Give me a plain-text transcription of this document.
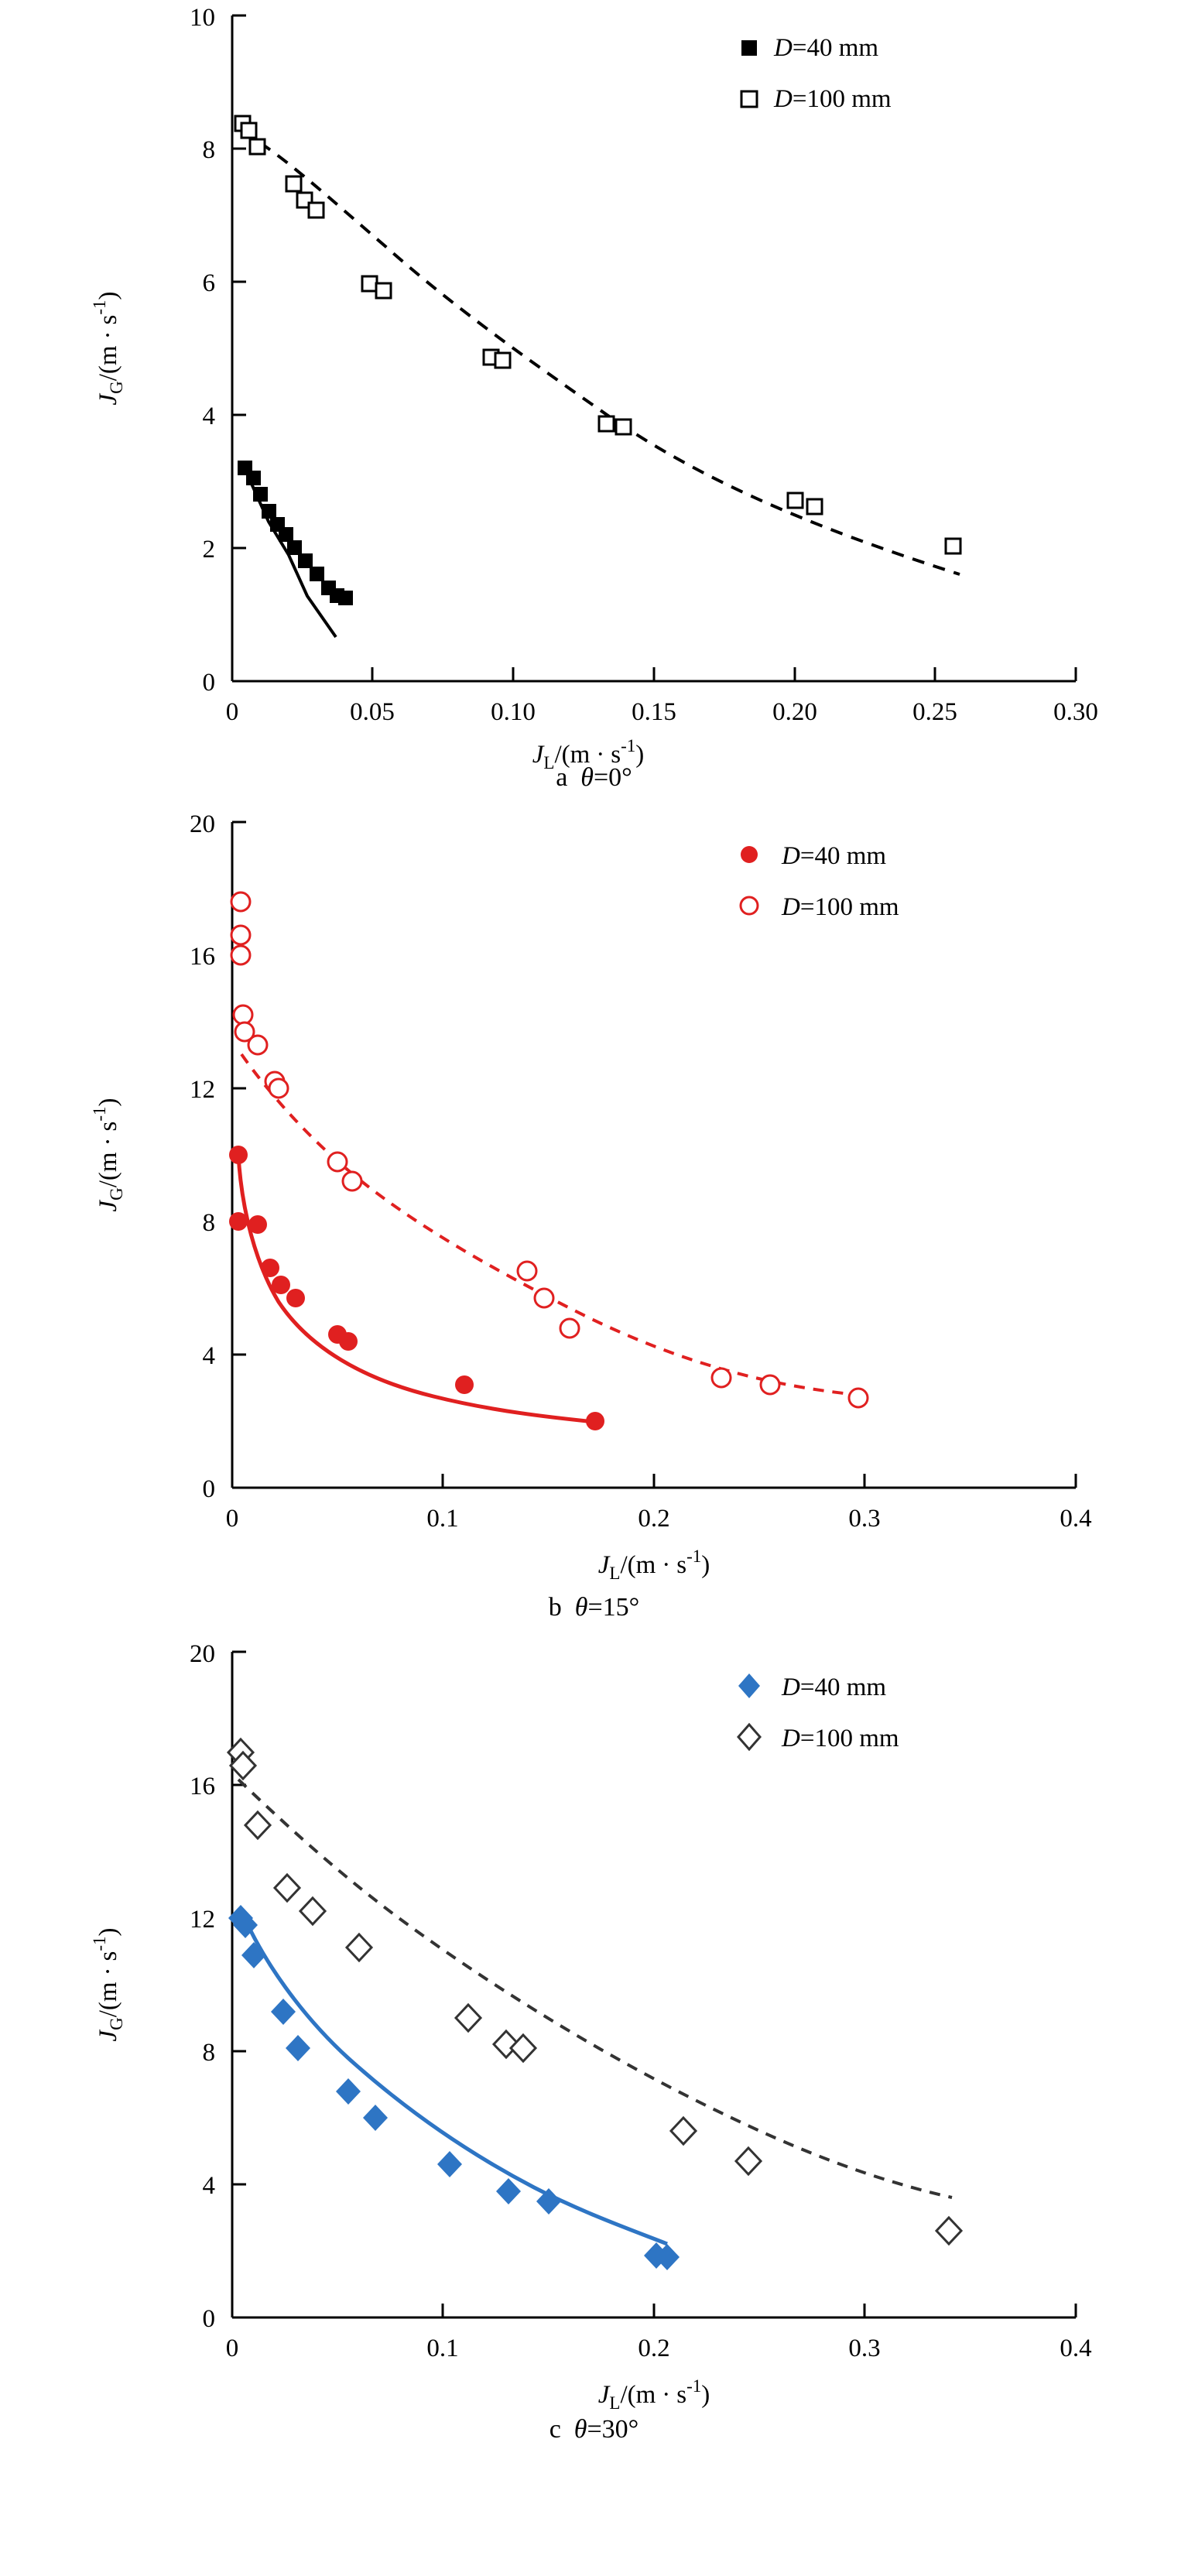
0
2
4
6
8
10
0	0.05	0.10	0.15	0.20	0.25	0.30
$J_L/(m \cdot s^{-1})$
$J_G/(m\cdot s^{-1})$
D=40 mm
D=100 mm
a θ=0°
0
4
8
12
16
20
0	0.1	0.2	0.3	0.4
$J_L/(m \cdot s^{-1})$
$J_G/(m\cdot s^{-1})$
D=40 mm
D=100 mm
b θ=15°
0
4
8
12
16
20
0	0.1	0.2	0.3	0.4
$J_L/(m \cdot s^{-1})$
$J_G/(m\cdot s^{-1})$
D=40 mm
D=100 mm
c θ=30°
